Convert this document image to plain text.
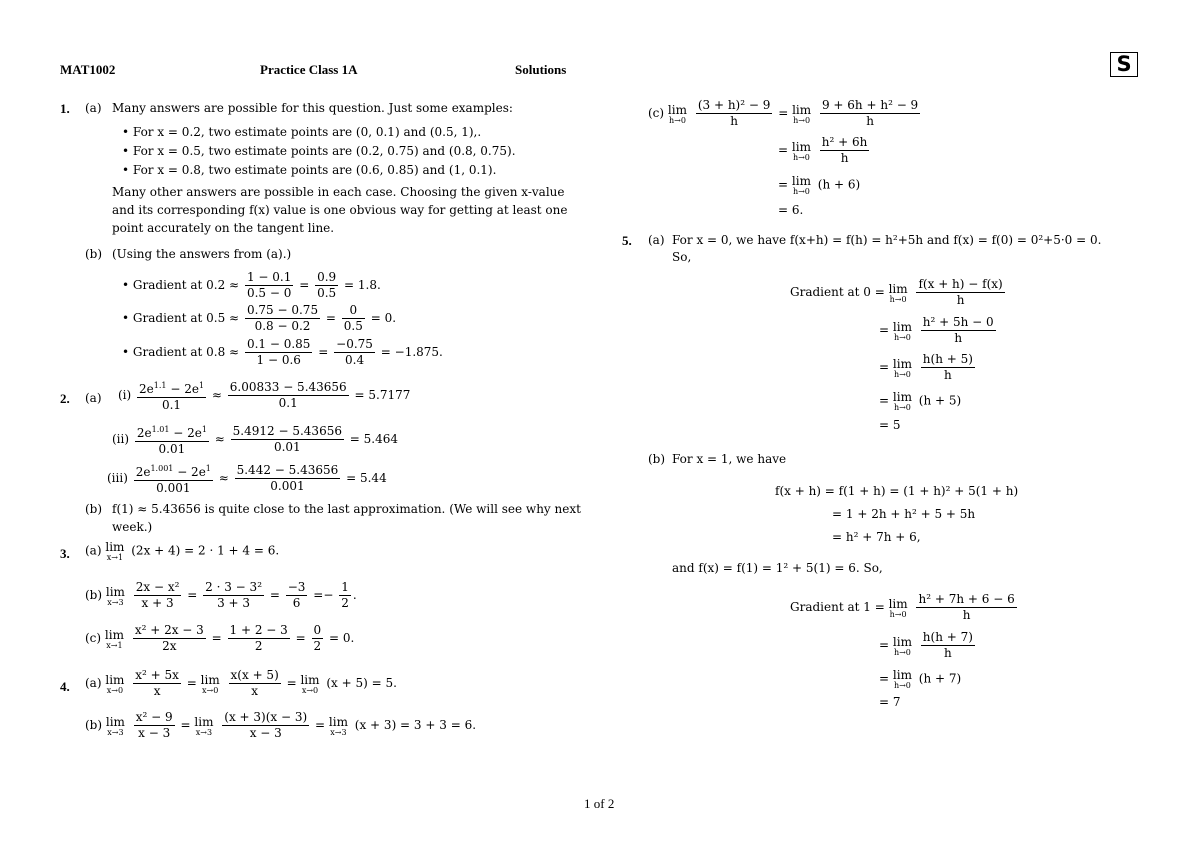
MAT1002	Practice Class 1A	Solutions	S
1. (a) Many answers are possible for this question. Just some examples:
• For x = 0.2, two estimate points are (0, 0.1) and (0.5, 1),.
• For x = 0.5, two estimate points are (0.2, 0.75) and (0.8, 0.75).
• For x = 0.8, two estimate points are (0.6, 0.85) and (1, 0.1).
Many other answers are possible in each case. Choosing the given x-value and its corresponding f(x) value is one obvious way for getting at least one point accurately on the tangent line.
(b) (Using the answers from (a).)
• Gradient at $0.2 \approx \frac{1 - 0.1}{0.5 - 0} = \frac{0.9}{0.5} = 1.8$.
• Gradient at $0.5 \approx \frac{0.75 - 0.75}{0.8 - 0.2} = \frac{0}{0.5} = 0$.
• Gradient at $0.8 \approx \frac{0.1 - 0.85}{1 - 0.6} = \frac{-0.75}{0.4} = -1.875$.
2. (a) $(i) \frac{2e^{1.1} - 2e^1}{0.1} \approx \frac{6.00833 - 5.43656}{0.1} = 5.7177$
$(ii) \frac{2e^{1.01} - 2e^1}{0.01} \approx \frac{5.4912 - 5.43656}{0.01} = 5.464$
$(iii) \frac{2e^{1.001} - 2e^1}{0.001} \approx \frac{5.442 - 5.43656}{0.001} = 5.44$
(b) f(1) ≈ 5.43656 is quite close to the last approximation. (We will see why next week.)
3. (a) lim
x→1 (2x + 4) = 2 · 1 + 4 = 6.
(b) lim
x→3
$\frac{\text{2x − x²}}{x + 3} = \frac{\text{2 · 3 − 3²}}{3 + 3} = \frac{-3}{6} =- \frac{1}{2}$ .
(c) lim
x→1
$\frac{\text{x² + 2x − 3}}{2x} = \frac{1 + 2 - 3}{2} = \frac{0}{2} = 0$.
4. (a) lim
x→0
$\frac{\text{x² + 5x}}{x} = \lim$
x→0
$\frac{x(x + 5)}{x} = \lim$
x→0 (x + 5) = 5.
(b) lim
x→3
$\frac{\text{x² − 9}}{x - 3} = \lim$
x→3
$\frac{(x + 3)(x - 3)}{x - 3} = \lim$
x→3 (x + 3) = 3 + 3 = 6.
(c) lim
h→0
$\frac{\text{(3 + h)² − 9}}{h} = \lim$
h→0
$\frac{\text{9 + 6h + h² − 9}}{h}$
= lim
h→0
$\frac{\text{h² + 6h}}{h}$
= lim
h→0 (h + 6)
= 6.
5. (a) For x = 0, we have f(x+h) = f(h) = h²+5h and f(x) = f(0) = 0²+5·0 = 0.
So,
Gradient at 0 = lim
h→0
$\frac{f(x + h) - f(x)}{h}$
= lim
h→0
$\frac{\text{h² + 5h − 0}}{h}$
= lim
h→0
$\frac{h(h + 5)}{h}$
= lim
h→0 (h + 5)
= 5
(b) For x = 1, we have
f(x + h) = f(1 + h) = (1 + h)² + 5(1 + h)
= 1 + 2h + h² + 5 + 5h
= h² + 7h + 6,
and f(x) = f(1) = 1² + 5(1) = 6. So,
Gradient at 1 = lim
h→0
$\frac{\text{h² + 7h + 6 − 6}}{h}$
= lim
h→0
$\frac{h(h + 7)}{h}$
= lim
h→0 (h + 7)
= 7
1 of 2
